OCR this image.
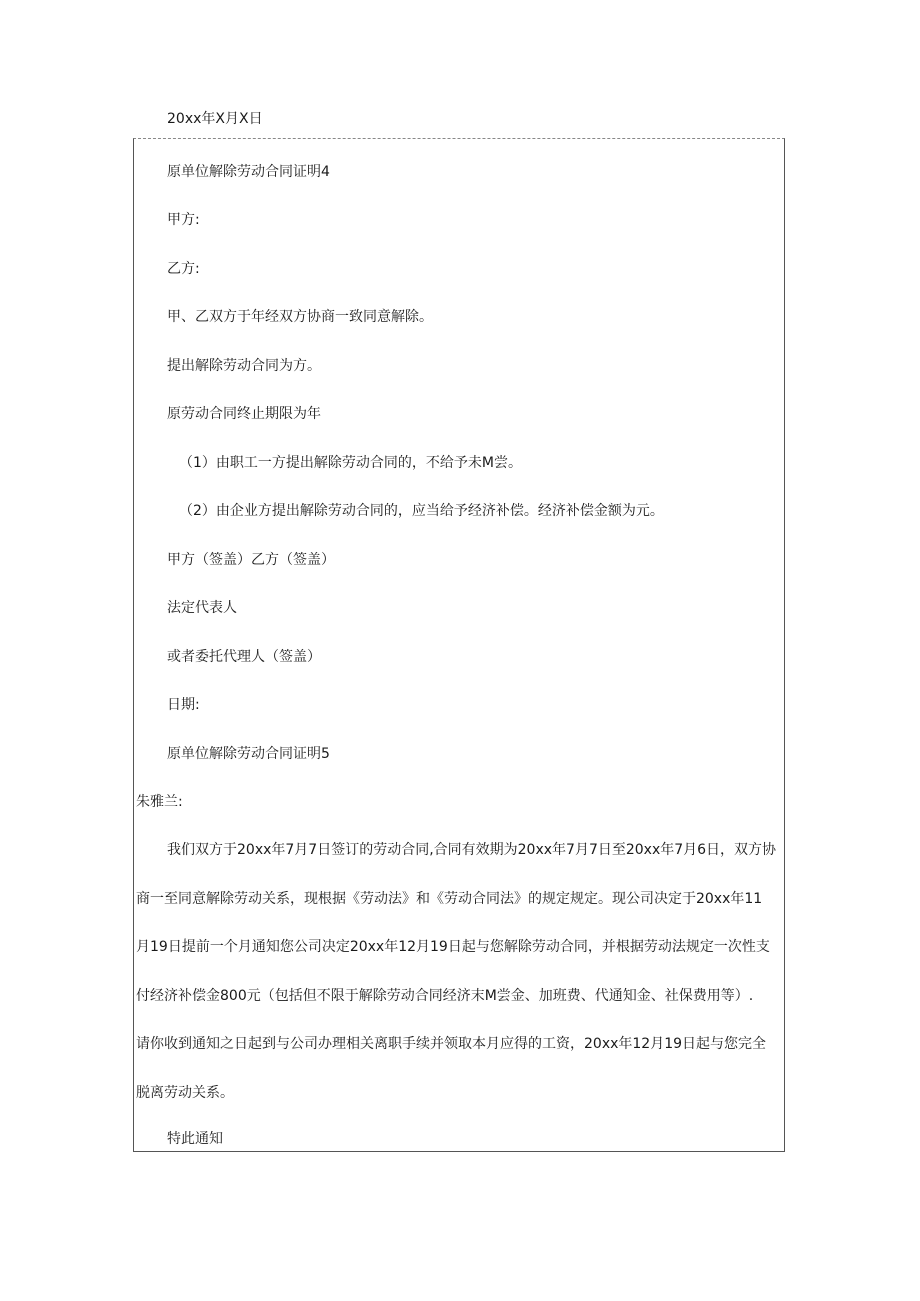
20xx年X月X日
原单位解除劳动合同证明4
甲方:
乙方:
甲、乙双方于年经双方协商一致同意解除。
提出解除劳动合同为方。
原劳动合同终止期限为年
（1）由职工一方提出解除劳动合同的，不给予未M尝。
（2）由企业方提出解除劳动合同的，应当给予经济补偿。经济补偿金额为元。
甲方（签盖）乙方（签盖）
法定代表人
或者委托代理人（签盖）
日期:
原单位解除劳动合同证明5
朱雅兰:
我们双方于20xx年7月7日签订的劳动合同,合同有效期为20xx年7月7日至20xx年7月6日，双方协
商一至同意解除劳动关系，现根据《劳动法》和《劳动合同法》的规定规定。现公司决定于20xx年11
月19日提前一个月通知您公司决定20xx年12月19日起与您解除劳动合同，并根据劳动法规定一次性支
付经济补偿金800元（包括但不限于解除劳动合同经济末M尝金、加班费、代通知金、社保费用等）.
请你收到通知之日起到与公司办理相关离职手续并领取本月应得的工资，20xx年12月19日起与您完全
脱离劳动关系。
特此通知
